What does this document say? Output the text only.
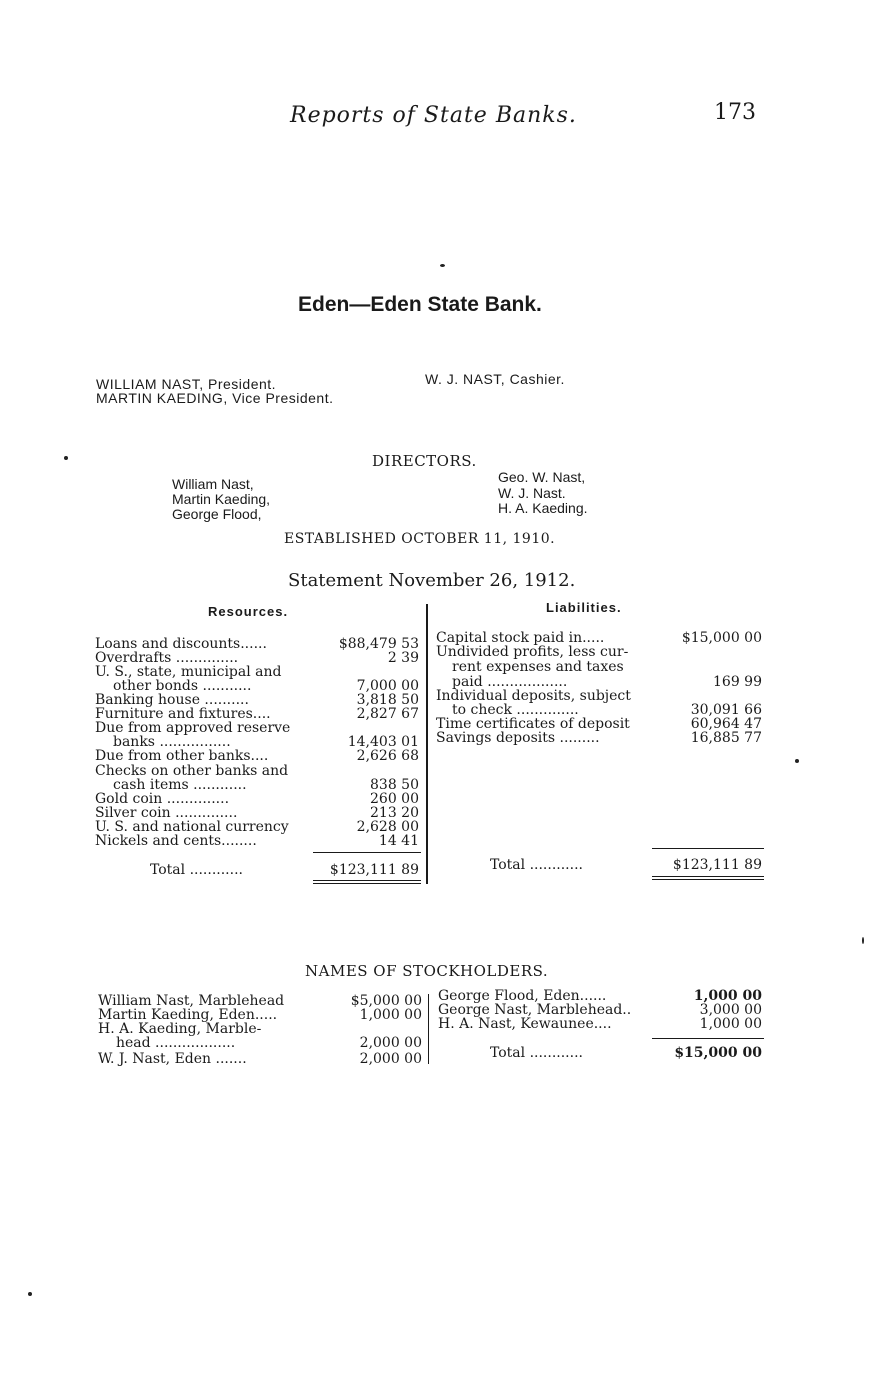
Reports of State Banks.	173
Eden—Eden State Bank.
WILLIAM NAST, President.
MARTIN KAEDING, Vice President.
W. J. NAST, Cashier.
DIRECTORS.
William Nast,
Martin Kaeding,
George Flood,
Geo. W. Nast,
W. J. Nast.
H. A. Kaeding.
ESTABLISHED OCTOBER 11, 1910.
Statement November 26, 1912.
Resources.	Liabilities.
Loans and discounts......	$88,479 53
Overdrafts ..............	2 39
U. S., state, municipal and
other bonds ...........	7,000 00
Banking house ..........	3,818 50
Furniture and fixtures....	2,827 67
Due from approved reserve
banks ................	14,403 01
Due from other banks....	2,626 68
Checks on other banks and
cash items ............	838 50
Gold coin ..............	260 00
Silver coin ..............	213 20
U. S. and national currency	2,628 00
Nickels and cents........	14 41
Total ............	$123,111 89
Capital stock paid in.....	$15,000 00
Undivided profits, less cur-
rent expenses and taxes
paid ..................	169 99
Individual deposits, subject
to check ..............	30,091 66
Time certificates of deposit	60,964 47
Savings deposits .........	16,885 77
Total ............	$123,111 89
NAMES OF STOCKHOLDERS.
William Nast, Marblehead	$5,000 00
Martin Kaeding, Eden.....	1,000 00
H. A. Kaeding, Marble-
head ..................	2,000 00
W. J. Nast, Eden .......	2,000 00
George Flood, Eden......	1,000 00
George Nast, Marblehead..	3,000 00
H. A. Nast, Kewaunee....	1,000 00
Total ............	$15,000 00
